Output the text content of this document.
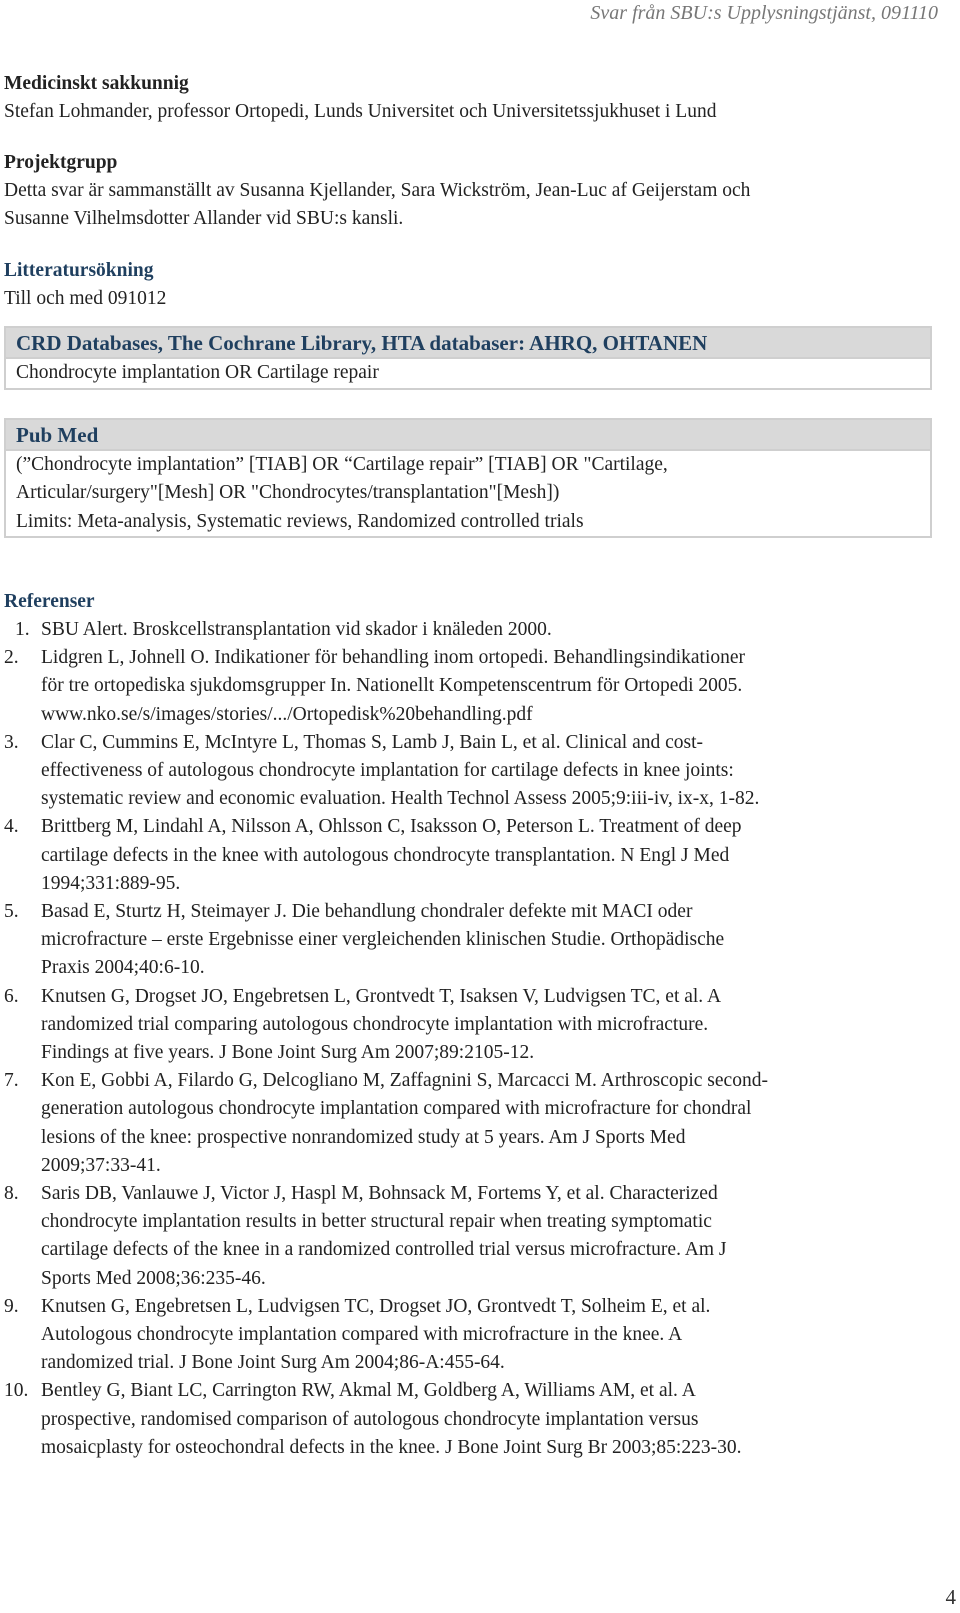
Svar från SBU:s Upplysningstjänst, 091110
Medicinskt sakkunnig

Stefan Lohmander, professor Ortopedi, Lunds Universitet och Universitetssjukhuset i Lund

Projektgrupp

Detta svar är sammanställt av Susanna Kjellander, Sara Wickström, Jean-Luc af Geijerstam och

Susanne Vilhelmsdotter Allander vid SBU:s kansli.

Litteratursökning

Till och med 091012

CRD Databases, The Cochrane Library, HTA databaser: AHRQ, OHTANEN
Chondrocyte implantation OR Cartilage repair
Pub Med
(”Chondrocyte implantation” [TIAB] OR “Cartilage repair” [TIAB] OR "Cartilage,
Articular/surgery"[Mesh] OR "Chondrocytes/transplantation"[Mesh])
Limits: Meta-analysis, Systematic reviews, Randomized controlled trials
Referenser
1. SBU Alert. Broskcellstransplantation vid skador i knäleden 2000.
2. Lidgren L, Johnell O. Indikationer för behandling inom ortopedi. Behandlingsindikationer
för tre ortopediska sjukdomsgrupper In. Nationellt Kompetenscentrum för Ortopedi 2005.
www.nko.se/s/images/stories/.../Ortopedisk%20behandling.pdf
3. Clar C, Cummins E, McIntyre L, Thomas S, Lamb J, Bain L, et al. Clinical and cost-
effectiveness of autologous chondrocyte implantation for cartilage defects in knee joints:
systematic review and economic evaluation. Health Technol Assess 2005;9:iii-iv, ix-x, 1-82.
4. Brittberg M, Lindahl A, Nilsson A, Ohlsson C, Isaksson O, Peterson L. Treatment of deep
cartilage defects in the knee with autologous chondrocyte transplantation. N Engl J Med
1994;331:889-95.
5. Basad E, Sturtz H, Steimayer J. Die behandlung chondraler defekte mit MACI oder
microfracture – erste Ergebnisse einer vergleichenden klinischen Studie. Orthopädische
Praxis 2004;40:6-10.
6. Knutsen G, Drogset JO, Engebretsen L, Grontvedt T, Isaksen V, Ludvigsen TC, et al. A
randomized trial comparing autologous chondrocyte implantation with microfracture.
Findings at five years. J Bone Joint Surg Am 2007;89:2105-12.
7. Kon E, Gobbi A, Filardo G, Delcogliano M, Zaffagnini S, Marcacci M. Arthroscopic second-
generation autologous chondrocyte implantation compared with microfracture for chondral
lesions of the knee: prospective nonrandomized study at 5 years. Am J Sports Med
2009;37:33-41.
8. Saris DB, Vanlauwe J, Victor J, Haspl M, Bohnsack M, Fortems Y, et al. Characterized
chondrocyte implantation results in better structural repair when treating symptomatic
cartilage defects of the knee in a randomized controlled trial versus microfracture. Am J
Sports Med 2008;36:235-46.
9. Knutsen G, Engebretsen L, Ludvigsen TC, Drogset JO, Grontvedt T, Solheim E, et al.
Autologous chondrocyte implantation compared with microfracture in the knee. A
randomized trial. J Bone Joint Surg Am 2004;86-A:455-64.
10. Bentley G, Biant LC, Carrington RW, Akmal M, Goldberg A, Williams AM, et al. A
prospective, randomised comparison of autologous chondrocyte implantation versus
mosaicplasty for osteochondral defects in the knee. J Bone Joint Surg Br 2003;85:223-30.
4
